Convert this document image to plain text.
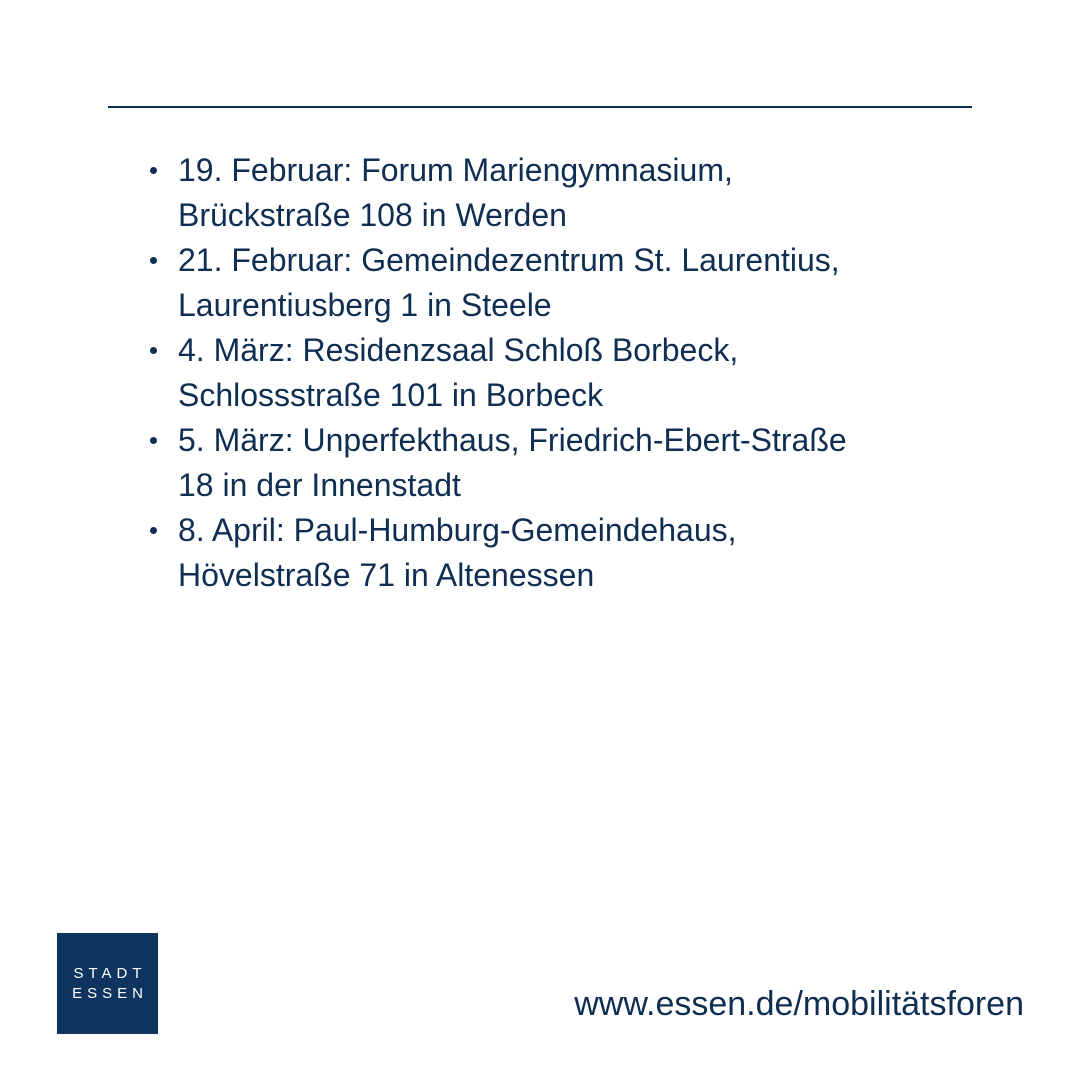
19. Februar: Forum Mariengymnasium,
Brückstraße 108 in Werden
21. Februar: Gemeindezentrum St. Laurentius,
Laurentiusberg 1 in Steele
4. März: Residenzsaal Schloß Borbeck,
Schlossstraße 101 in Borbeck
5. März: Unperfekthaus, Friedrich-Ebert-Straße
18 in der Innenstadt
8. April: Paul-Humburg-Gemeindehaus,
Hövelstraße 71 in Altenessen
STADT
ESSEN	www.essen.de/mobilitätsforen
